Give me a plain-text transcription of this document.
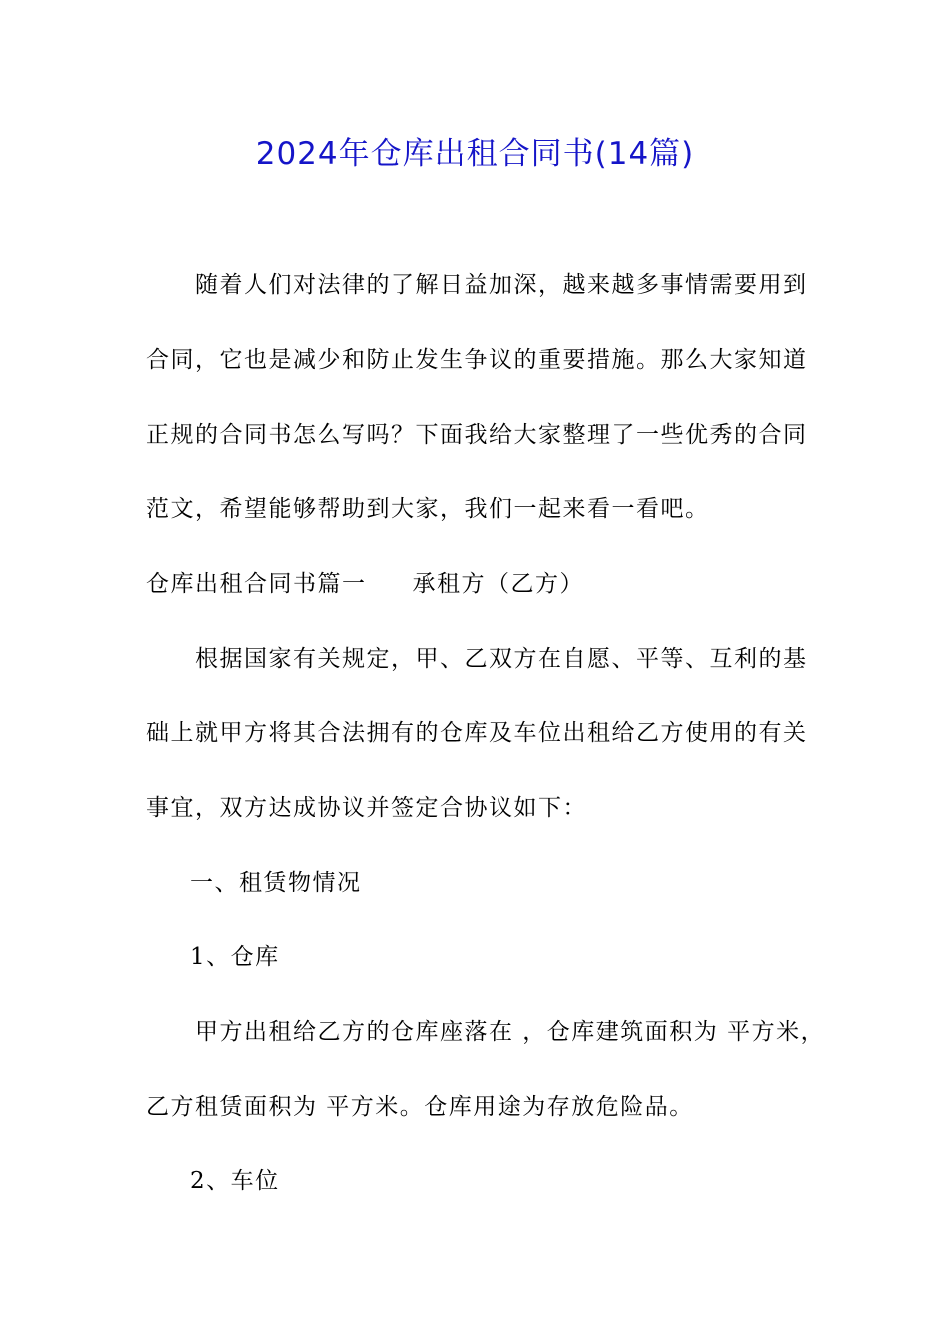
2024年仓库出租合同书(14篇)
随着人们对法律的了解日益加深，越来越多事情需要用到
合同，它也是减少和防止发生争议的重要措施。那么大家知道
正规的合同书怎么写吗？下面我给大家整理了一些优秀的合同
范文，希望能够帮助到大家，我们一起来看一看吧。
仓库出租合同书篇一 承租方（乙方）
根据国家有关规定，甲、乙双方在自愿、平等、互利的基
础上就甲方将其合法拥有的仓库及车位出租给乙方使用的有关
事宜，双方达成协议并签定合协议如下：
一、租赁物情况
1、仓库
甲方出租给乙方的仓库座落在 ，仓库建筑面积为 平方米，
乙方租赁面积为 平方米。仓库用途为存放危险品。
2、车位
